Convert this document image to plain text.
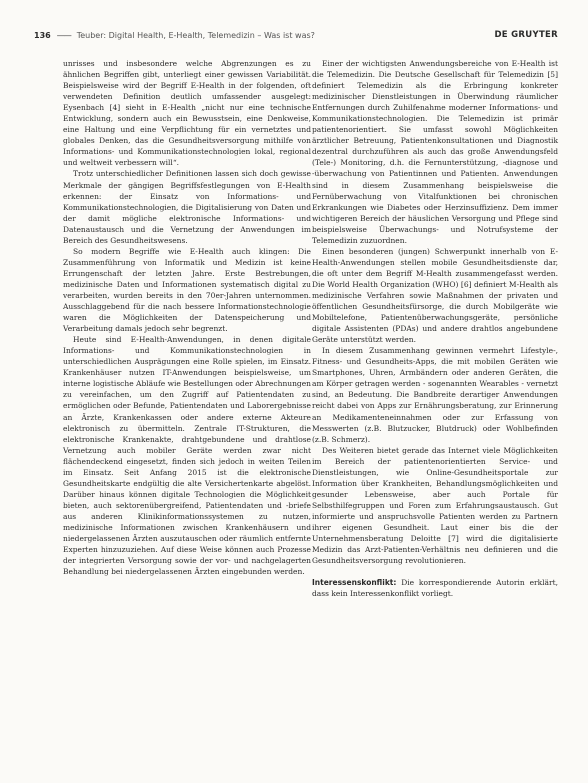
136 —— Teuber: Digital Health, E-Health, Telemedizin – Was ist was?	DE GRUYTER

unrisses und insbesondere welche Abgrenzungen es zu ähnlichen Begriffen gibt, unterliegt einer gewissen Variabilität. Beispielsweise wird der Begriff E-Health in der folgenden, oft verwendeten Definition deutlich umfassender ausgelegt: Eysenbach [4] sieht in E-Health „nicht nur eine technische Entwicklung, sondern auch ein Bewusstsein, eine Denkweise, eine Haltung und eine Verpflichtung für ein vernetztes und globales Denken, das die Gesundheitsversorgung mithilfe von Informations- und Kommunikationstechnologien lokal, regional und weltweit verbessern will“.

Trotz unterschiedlicher Definitionen lassen sich doch gewisse Merkmale der gängigen Begriffsfestlegungen von E-Health erkennen: der Einsatz von Informations- und Kommunikationstechnologien, die Digitalisierung von Daten und der damit mögliche elektronische Informations- und Datenaustausch und die Vernetzung der Anwendungen im Bereich des Gesundheitswesens.

So modern Begriffe wie E-Health auch klingen: Die Zusammenführung von Informatik und Medizin ist keine Errungenschaft der letzten Jahre. Erste Bestrebungen, medizinische Daten und Informationen systematisch digital zu verarbeiten, wurden bereits in den 70er-Jahren unternommen. Ausschlaggebend für die nach bessere Informationstechnologie waren die Möglichkeiten der Datenspeicherung und Verarbeitung damals jedoch sehr begrenzt.

Heute sind E-Health-Anwendungen, in denen digitale Informations- und Kommunikationstechnologien in unterschiedlichen Ausprägungen eine Rolle spielen, im Einsatz. Krankenhäuser nutzen IT-Anwendungen beispielsweise, um interne logistische Abläufe wie Bestellungen oder Abrechnungen zu vereinfachen, um den Zugriff auf Patientendaten zu ermöglichen oder Befunde, Patientendaten und Laborergebnisse an Ärzte, Krankenkassen oder andere externe Akteure elektronisch zu übermitteln. Zentrale IT-Strukturen, die elektronische Krankenakte, drahtgebundene und drahtlose Vernetzung auch mobiler Geräte werden zwar nicht flächendeckend eingesetzt, finden sich jedoch in weiten Teilen im Einsatz. Seit Anfang 2015 ist die elektronische Gesundheitskarte endgültig die alte Versichertenkarte abgelöst. Darüber hinaus können digitale Technologien die Möglichkeit bieten, auch sektorenübergreifend, Patientendaten und -briefe aus anderen Klinikinformationssystemen zu nutzen, medizinische Informationen zwischen Krankenhäusern und niedergelassenen Ärzten auszutauschen oder räumlich entfernte Experten hinzuzuziehen. Auf diese Weise können auch Prozesse der integrierten Versorgung sowie der vor- und nachgelagerten Behandlung bei niedergelassenen Ärzten eingebunden werden.

Einer der wichtigsten Anwendungsbereiche von E-Health ist die Telemedizin. Die Deutsche Gesellschaft für Telemedizin [5] definiert Telemedizin als die Erbringung konkreter medizinischer Dienstleistungen in Überwindung räumlicher Entfernungen durch Zuhilfenahme moderner Informations- und Kommunikationstechnologien. Die Telemedizin ist primär patientenorientiert. Sie umfasst sowohl Möglichkeiten ärztlicher Betreuung, Patientenkonsultationen und Diagnostik dezentral durchzuführen als auch das große Anwendungsfeld (Tele-) Monitoring, d.h. die Fernunterstützung, -diagnose und -überwachung von Patientinnen und Patienten. Anwendungen sind in diesem Zusammenhang beispielsweise die Fernüberwachung von Vitalfunktionen bei chronischen Erkrankungen wie Diabetes oder Herzinsuffizienz. Dem immer wichtigeren Bereich der häuslichen Versorgung und Pflege sind beispielsweise Überwachungs- und Notrufsysteme der Telemedizin zuzuordnen.

Einen besonderen (jungen) Schwerpunkt innerhalb von E-Health-Anwendungen stellen mobile Gesundheitsdienste dar, die oft unter dem Begriff M-Health zusammengefasst werden. Die World Health Organization (WHO) [6] definiert M-Health als medizinische Verfahren sowie Maßnahmen der privaten und öffentlichen Gesundheitsfürsorge, die durch Mobilgeräte wie Mobiltelefone, Patientenüberwachungsgeräte, persönliche digitale Assistenten (PDAs) und andere drahtlos angebundene Geräte unterstützt werden.

In diesem Zusammenhang gewinnen vermehrt Lifestyle-, Fitness- und Gesundheits-Apps, die mit mobilen Geräten wie Smartphones, Uhren, Armbändern oder anderen Geräten, die am Körper getragen werden - sogenannten Wearables - vernetzt sind, an Bedeutung. Die Bandbreite derartiger Anwendungen reicht dabei von Apps zur Ernährungsberatung, zur Erinnerung an Medikamenteneinnahmen oder zur Erfassung von Messwerten (z.B. Blutzucker, Blutdruck) oder Wohlbefinden (z.B. Schmerz).

Des Weiteren bietet gerade das Internet viele Möglichkeiten im Bereich der patientenorientierten Service- und Dienstleistungen, wie Online-Gesundheitsportale zur Information über Krankheiten, Behandlungsmöglichkeiten und gesunder Lebensweise, aber auch Portale für Selbsthilfegruppen und Foren zum Erfahrungsaustausch. Gut informierte und anspruchsvolle Patienten werden zu Partnern ihrer eigenen Gesundheit. Laut einer bis die der Unternehmensberatung Deloitte [7] wird die digitalisierte Medizin das Arzt-Patienten-Verhältnis neu definieren und die Gesundheitsversorgung revolutionieren.

Interessenskonflikt: Die korrespondierende Autorin erklärt, dass kein Interessenkonflikt vorliegt.
